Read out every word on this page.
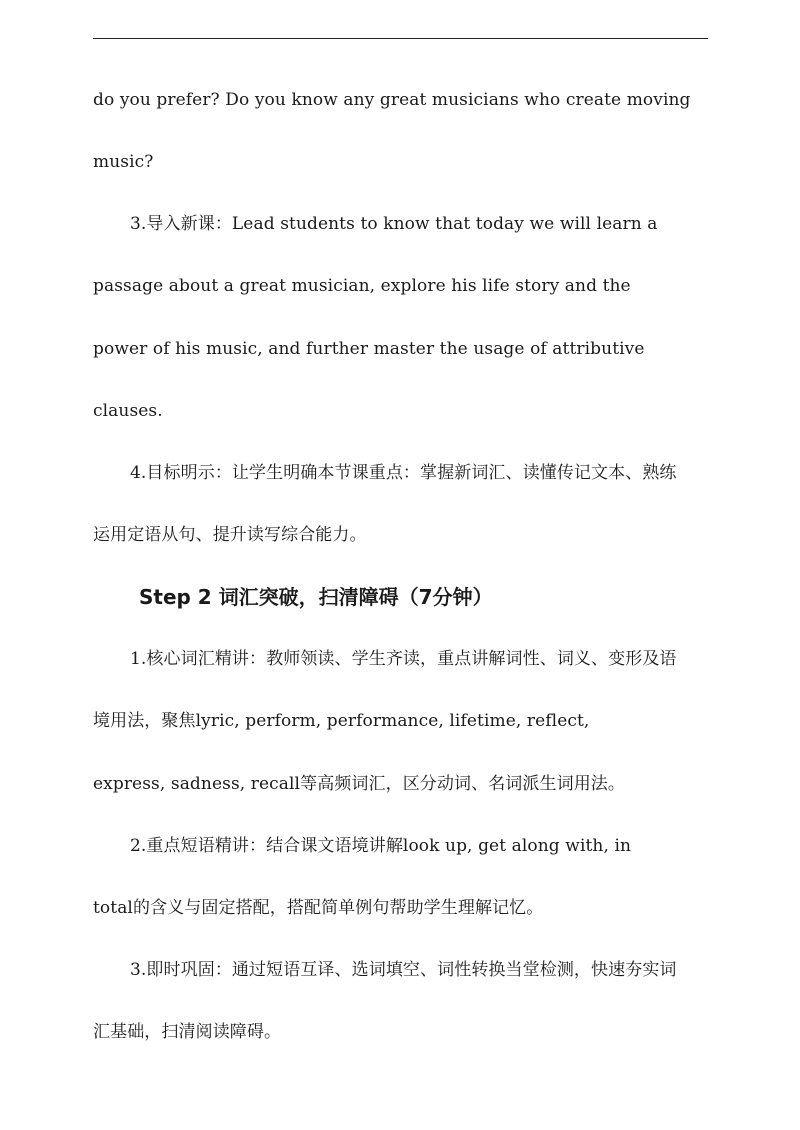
do you prefer? Do you know any great musicians who create moving
music?
3.导入新课：Lead students to know that today we will learn a
passage about a great musician, explore his life story and the
power of his music, and further master the usage of attributive
clauses.
4.目标明示：让学生明确本节课重点：掌握新词汇、读懂传记文本、熟练
运用定语从句、提升读写综合能力。
Step 2 词汇突破，扫清障碍（7分钟）
1.核心词汇精讲：教师领读、学生齐读，重点讲解词性、词义、变形及语
境用法，聚焦lyric, perform, performance, lifetime, reflect,
express, sadness, recall等高频词汇，区分动词、名词派生词用法。
2.重点短语精讲：结合课文语境讲解look up, get along with, in
total的含义与固定搭配，搭配简单例句帮助学生理解记忆。
3.即时巩固：通过短语互译、选词填空、词性转换当堂检测，快速夯实词
汇基础，扫清阅读障碍。
